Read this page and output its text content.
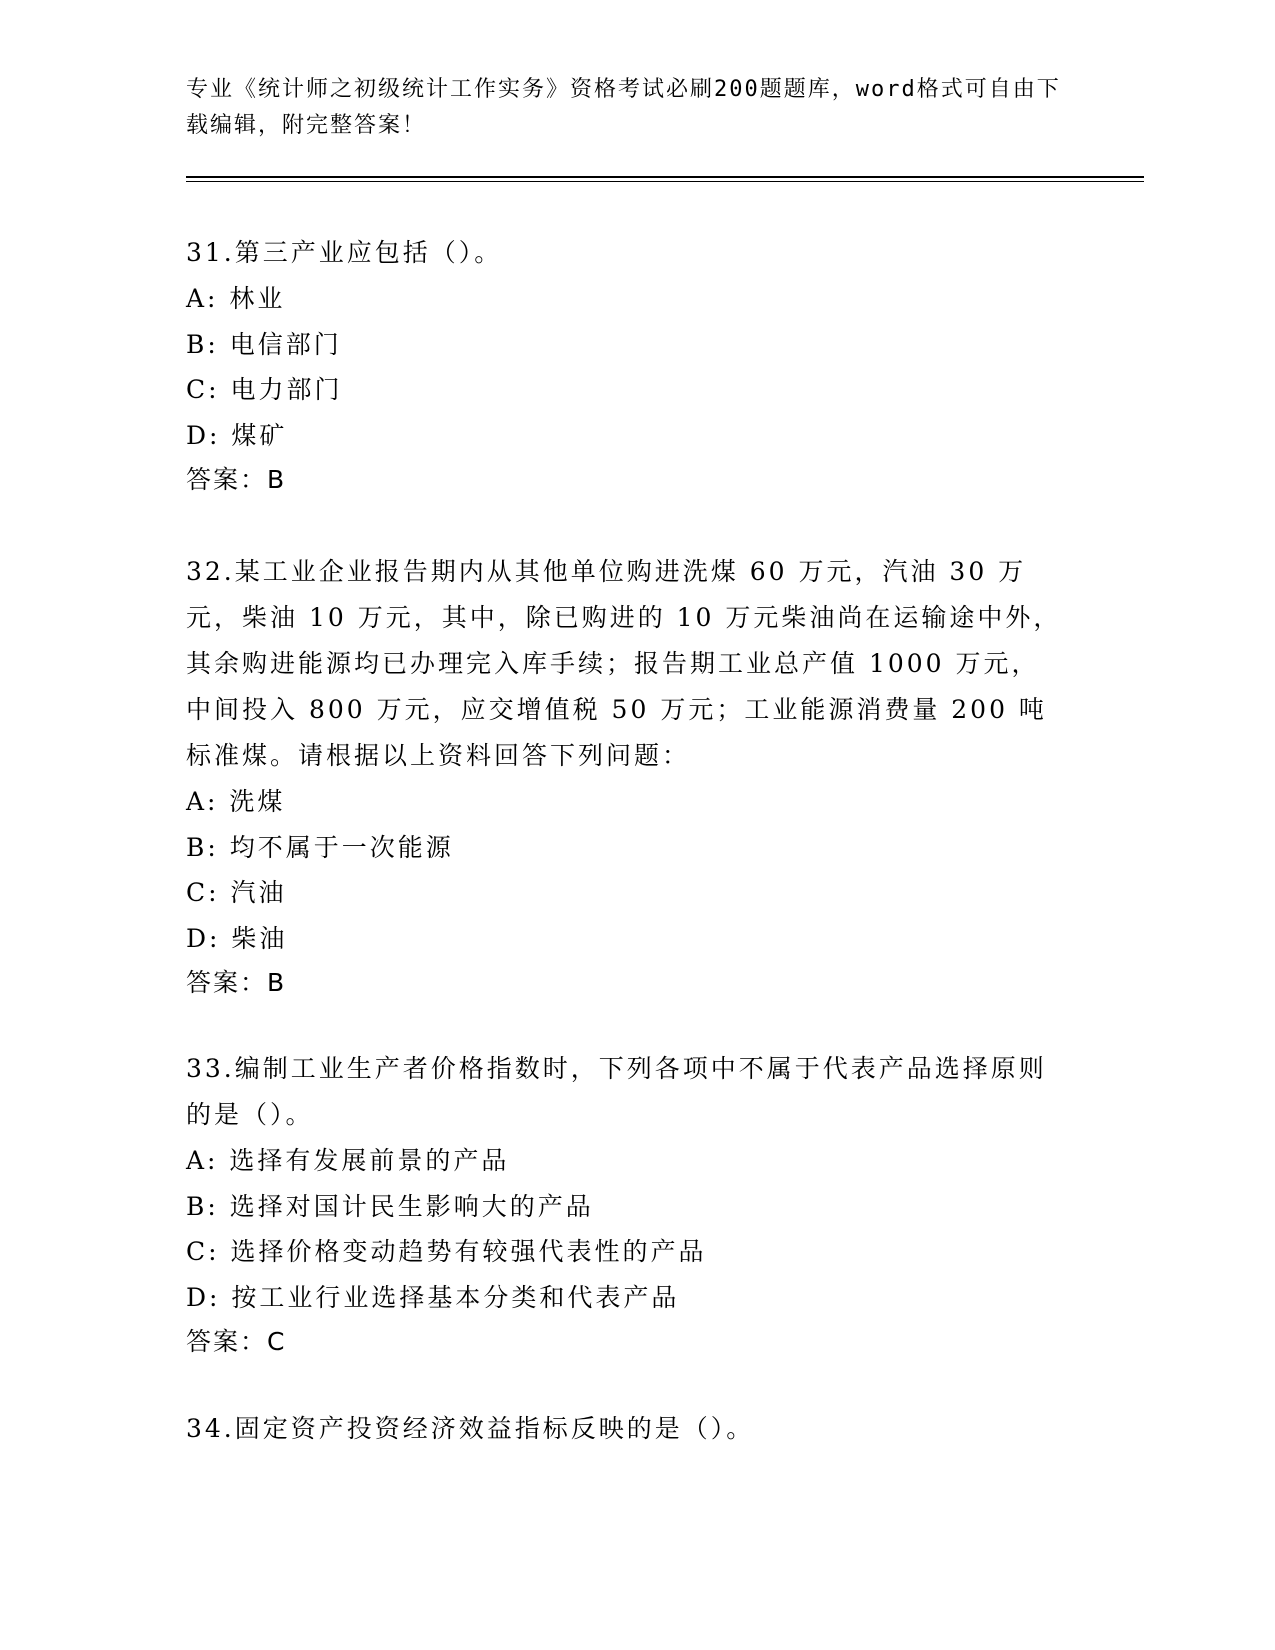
专业《统计师之初级统计工作实务》资格考试必刷200题题库，word格式可自由下载编辑，附完整答案！

31.第三产业应包括（）。

A: 林业

B: 电信部门

C: 电力部门

D: 煤矿

答案：B

32.某工业企业报告期内从其他单位购进洗煤 60 万元，汽油 30 万元，柴油 10 万元，其中，除已购进的 10 万元柴油尚在运输途中外，其余购进能源均已办理完入库手续；报告期工业总产值 1000 万元，中间投入 800 万元，应交增值税 50 万元；工业能源消费量 200 吨标准煤。请根据以上资料回答下列问题：

A: 洗煤

B: 均不属于一次能源

C: 汽油

D: 柴油

答案：B

33.编制工业生产者价格指数时，下列各项中不属于代表产品选择原则的是（）。

A: 选择有发展前景的产品

B: 选择对国计民生影响大的产品

C: 选择价格变动趋势有较强代表性的产品

D: 按工业行业选择基本分类和代表产品

答案：C

34.固定资产投资经济效益指标反映的是（）。
